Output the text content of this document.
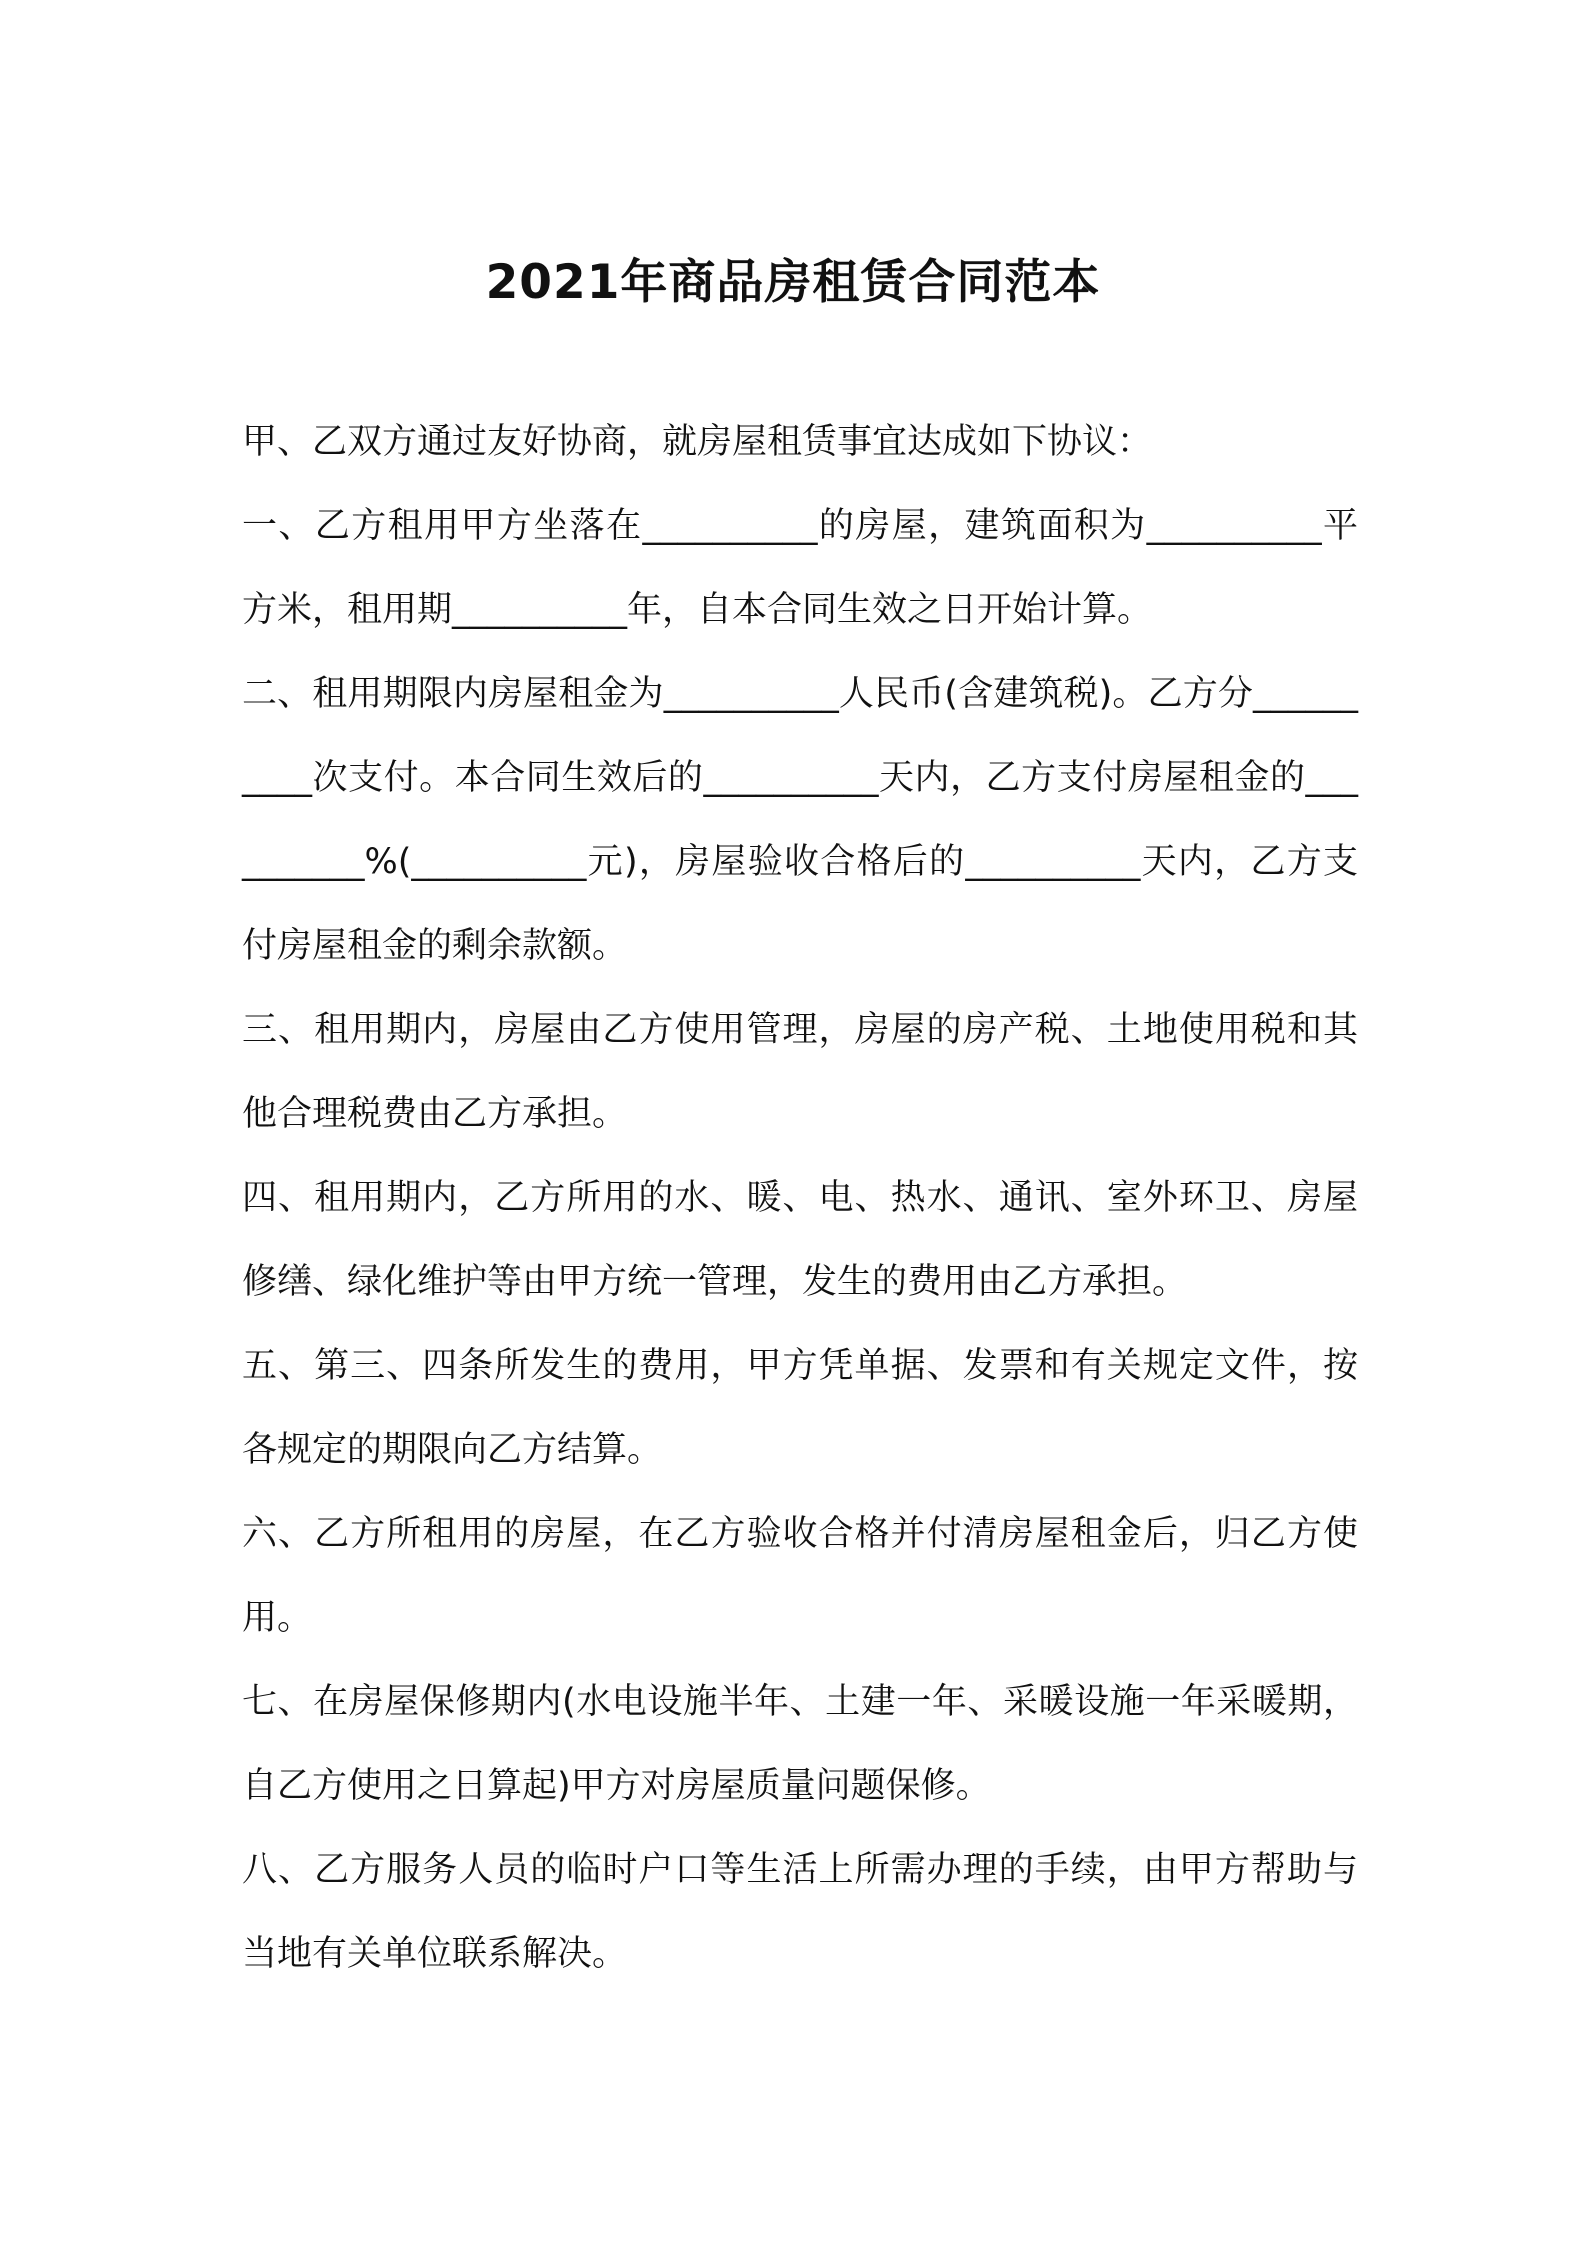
2021年商品房租赁合同范本

甲、乙双方通过友好协商，就房屋租赁事宜达成如下协议：

一、乙方租用甲方坐落在__________的房屋，建筑面积为__________平方米，租用期__________年，自本合同生效之日开始计算。

二、租用期限内房屋租金为__________人民币(含建筑税)。乙方分__________次支付。本合同生效后的__________天内，乙方支付房屋租金的__________%(__________元)，房屋验收合格后的__________天内，乙方支付房屋租金的剩余款额。

三、租用期内，房屋由乙方使用管理，房屋的房产税、土地使用税和其他合理税费由乙方承担。

四、租用期内，乙方所用的水、暖、电、热水、通讯、室外环卫、房屋修缮、绿化维护等由甲方统一管理，发生的费用由乙方承担。

五、第三、四条所发生的费用，甲方凭单据、发票和有关规定文件，按各规定的期限向乙方结算。

六、乙方所租用的房屋，在乙方验收合格并付清房屋租金后，归乙方使用。

七、在房屋保修期内(水电设施半年、土建一年、采暖设施一年采暖期，自乙方使用之日算起)甲方对房屋质量问题保修。

八、乙方服务人员的临时户口等生活上所需办理的手续，由甲方帮助与当地有关单位联系解决。
